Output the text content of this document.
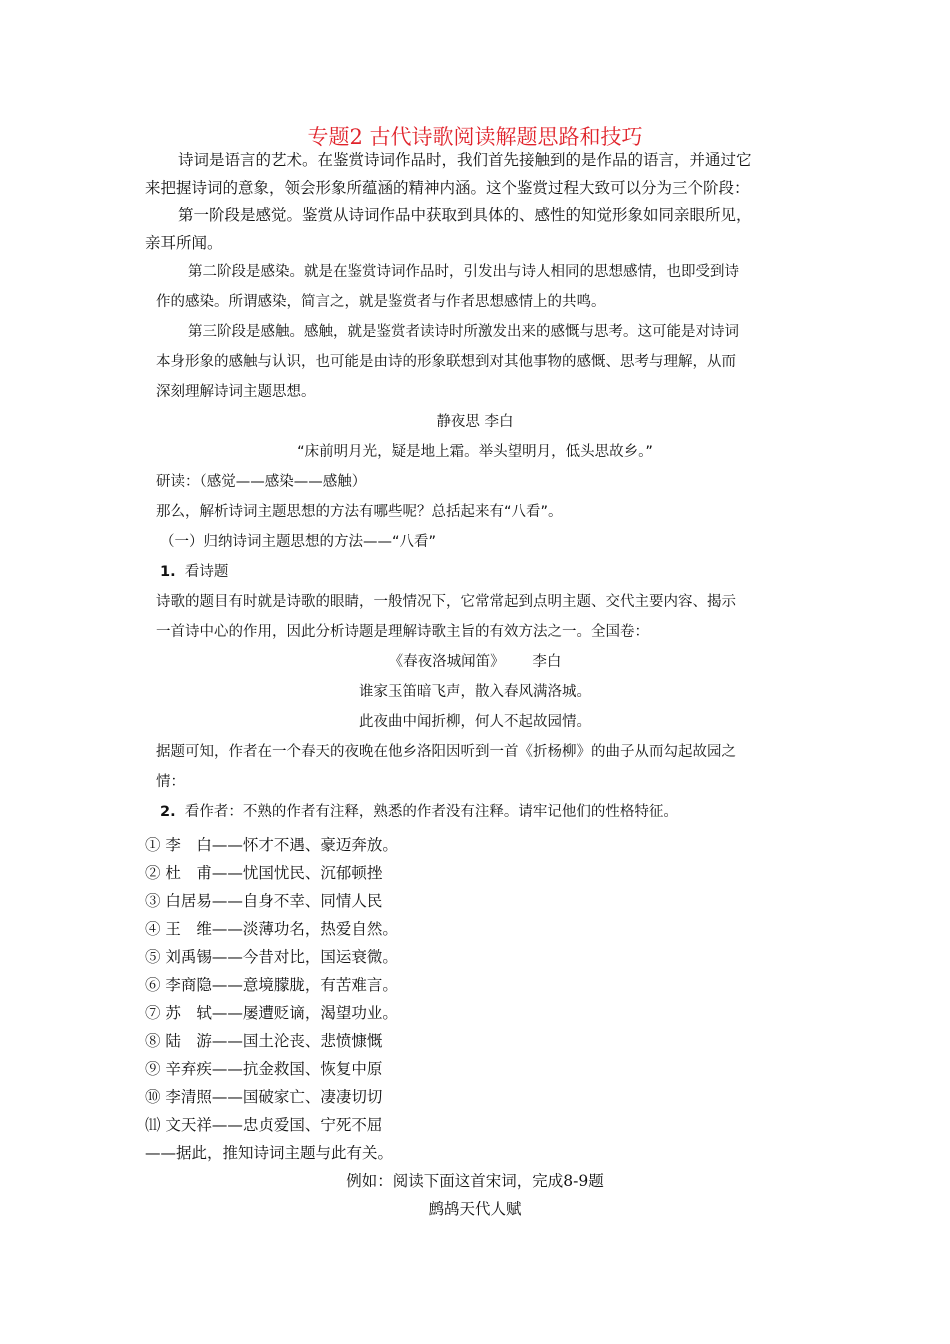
专题2 古代诗歌阅读解题思路和技巧
诗词是语言的艺术。在鉴赏诗词作品时，我们首先接触到的是作品的语言，并通过它
来把握诗词的意象，领会形象所蕴涵的精神内涵。这个鉴赏过程大致可以分为三个阶段：
第一阶段是感觉。鉴赏从诗词作品中获取到具体的、感性的知觉形象如同亲眼所见，
亲耳所闻。
第二阶段是感染。就是在鉴赏诗词作品时，引发出与诗人相同的思想感情，也即受到诗
作的感染。所谓感染，简言之，就是鉴赏者与作者思想感情上的共鸣。
第三阶段是感触。感触，就是鉴赏者读诗时所激发出来的感慨与思考。这可能是对诗词
本身形象的感触与认识，也可能是由诗的形象联想到对其他事物的感慨、思考与理解，从而
深刻理解诗词主题思想。
静夜思 李白
“床前明月光，疑是地上霜。举头望明月，低头思故乡。”
研读：（感觉——感染——感触）
那么，解析诗词主题思想的方法有哪些呢？总括起来有“八看”。
（一）归纳诗词主题思想的方法——“八看”
1. 看诗题
诗歌的题目有时就是诗歌的眼睛，一般情况下，它常常起到点明主题、交代主要内容、揭示
一首诗中心的作用，因此分析诗题是理解诗歌主旨的有效方法之一。全国卷：
《春夜洛城闻笛》      李白
谁家玉笛暗飞声，散入春风满洛城。
此夜曲中闻折柳，何人不起故园情。
据题可知，作者在一个春天的夜晚在他乡洛阳因听到一首《折杨柳》的曲子从而勾起故园之
情：
2. 看作者：不熟的作者有注释，熟悉的作者没有注释。请牢记他们的性格特征。
① 李　白——怀才不遇、豪迈奔放。
② 杜　甫——忧国忧民、沉郁顿挫
③ 白居易——自身不幸、同情人民
④ 王　维——淡薄功名，热爱自然。
⑤ 刘禹锡——今昔对比，国运衰微。
⑥ 李商隐——意境朦胧，有苦难言。
⑦ 苏　轼——屡遭贬谪，渴望功业。
⑧ 陆　游——国土沦丧、悲愤慷慨
⑨ 辛弃疾——抗金救国、恢复中原
⑩ 李清照——国破家亡、凄凄切切
⑾ 文天祥——忠贞爱国、宁死不屈
——据此，推知诗词主题与此有关。
例如：阅读下面这首宋词，完成8-9题
鹧鸪天代人赋
